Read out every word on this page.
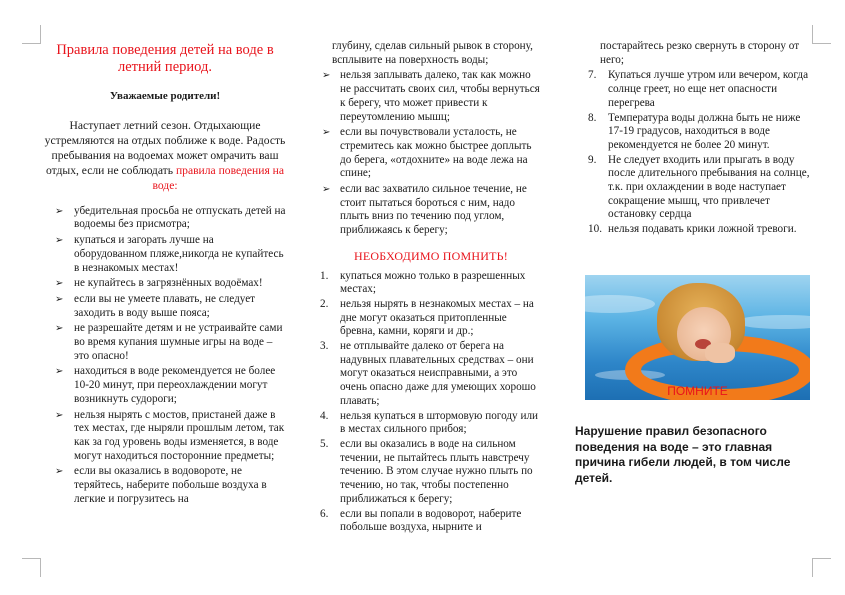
Правила поведения детей на воде в летний период.
Уважаемые родители!
Наступает летний сезон. Отдыхающие устремляются на отдых поближе к воде. Радость пребывания на водоемах может омрачить ваш отдых, если не соблюдать правила поведения на воде:
➢ убедительная просьба не отпускать детей на водоемы без присмотра;
➢ купаться и загорать лучше на оборудованном пляже,никогда не купайтесь в незнакомых местах!
➢ не купайтесь в загрязнённых водоёмах!
➢ если вы не умеете плавать, не следует заходить в воду выше пояса;
➢ не разрешайте детям и не устраивайте сами во время купания шумные игры на воде – это опасно!
➢ находиться в воде рекомендуется не более 10-20 минут, при переохлаждении могут возникнуть судороги;
➢ нельзя нырять с мостов, пристаней даже в тех местах, где ныряли прошлым летом, так как за год уровень воды изменяется, в воде могут находиться посторонние предметы;
➢ если вы оказались в водовороте, не теряйтесь, наберите побольше воздуха в легкие и погрузитесь на
глубину, сделав сильный рывок в сторону, всплывите на поверхность воды;
➢ нельзя заплывать далеко, так как можно не рассчитать своих сил, чтобы вернуться к берегу, что может привести к переутомлению мышц;
➢ если вы почувствовали усталость, не стремитесь как можно быстрее доплыть до берега, «отдохните» на воде лежа на спине;
➢ если вас захватило сильное течение, не стоит пытаться бороться с ним, надо плыть вниз по течению под углом, приближаясь к берегу;
НЕОБХОДИМО ПОМНИТЬ!
1. купаться можно только в разрешенных местах;
2. нельзя нырять в незнакомых местах – на дне могут оказаться притопленные бревна, камни, коряги и др.;
3. не отплывайте далеко от берега на надувных плавательных средствах – они могут оказаться неисправными, а это очень опасно даже для умеющих хорошо плавать;
4. нельзя купаться в штормовую погоду или в местах сильного прибоя;
5. если вы оказались в воде на сильном течении, не пытайтесь плыть навстречу течению. В этом случае нужно плыть по течению, но так, чтобы постепенно приближаться к берегу;
6. если вы попали в водоворот, наберите побольше воздуха, нырните и
постарайтесь резко свернуть в сторону от него;
7. Купаться лучше утром или вечером, когда солнце греет, но еще нет опасности перегрева
8. Температура воды должна быть не ниже 17-19 градусов, находиться в воде рекомендуется не более 20 минут.
9. Не следует входить или прыгать в воду после длительного пребывания на солнце, т.к. при охлаждении в воде наступает сокращение мышц, что привлечет остановку сердца
10. нельзя подавать крики ложной тревоги.
ПОМНИТЕ
Нарушение правил безопасного поведения на воде – это главная причина гибели людей, в том числе детей.
